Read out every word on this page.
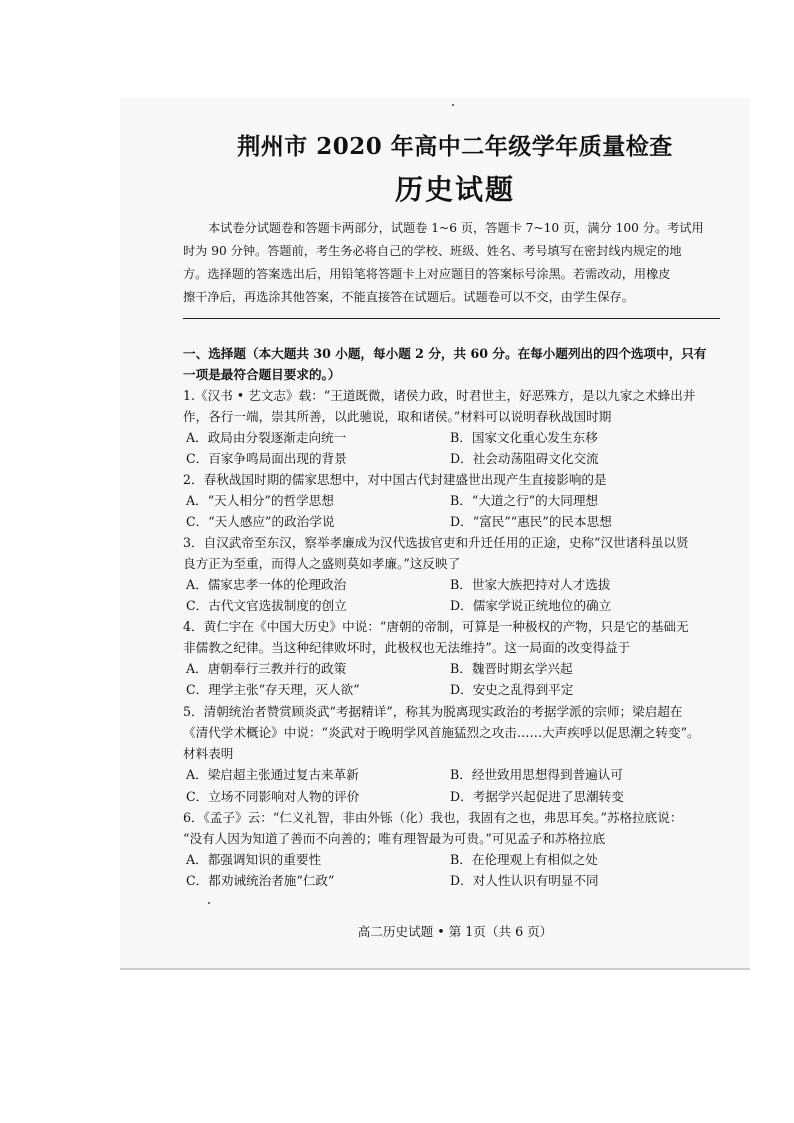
荆州市 2020 年高中二年级学年质量检查
历史试题
本试卷分试题卷和答题卡两部分，试题卷 1~6 页，答题卡 7~10 页，满分 100 分。考试用
时为 90 分钟。答题前，考生务必将自己的学校、班级、姓名、考号填写在密封线内规定的地
方。选择题的答案选出后，用铅笔将答题卡上对应题目的答案标号涂黑。若需改动，用橡皮
擦干净后，再选涂其他答案，不能直接答在试题后。试题卷可以不交，由学生保存。
一、选择题（本大题共 30 小题，每小题 2 分，共 60 分。在每小题列出的四个选项中，只有
一项是最符合题目要求的。）
1.《汉书 • 艺文志》载：“王道既微，诸侯力政，时君世主，好恶殊方，是以九家之术蜂出并
作，各行一端，崇其所善，以此驰说，取和诸侯。”材料可以说明春秋战国时期
A．政局由分裂逐渐走向统一	B．国家文化重心发生东移
C．百家争鸣局面出现的背景	D．社会动荡阻碍文化交流
2．春秋战国时期的儒家思想中，对中国古代封建盛世出现产生直接影响的是
A．“天人相分”的哲学思想	B．“大道之行”的大同理想
C．“天人感应”的政治学说	D．“富民”“惠民”的民本思想
3．自汉武帝至东汉，察举孝廉成为汉代选拔官吏和升迁任用的正途，史称“汉世诸科虽以贤
良方正为至重，而得人之盛则莫如孝廉。”这反映了
A．儒家忠孝一体的伦理政治	B．世家大族把持对人才选拔
C．古代文官选拔制度的创立	D．儒家学说正统地位的确立
4．黄仁宇在《中国大历史》中说：“唐朝的帝制，可算是一种极权的产物，只是它的基础无
非儒教之纪律。当这种纪律败坏时，此极权也无法维持”。这一局面的改变得益于
A．唐朝奉行三教并行的政策	B．魏晋时期玄学兴起
C．理学主张“存天理，灭人欲”	D．安史之乱得到平定
5．清朝统治者赞赏顾炎武“考据精详”，称其为脱离现实政治的考据学派的宗师；梁启超在
《清代学术概论》中说：“炎武对于晚明学风首施猛烈之攻击……大声疾呼以促思潮之转变”。
材料表明
A．梁启超主张通过复古来革新	B．经世致用思想得到普遍认可
C．立场不同影响对人物的评价	D．考据学兴起促进了思潮转变
6．《孟子》云：“仁义礼智，非由外铄（化）我也，我固有之也，弗思耳矣。”苏格拉底说：
“没有人因为知道了善而不向善的；唯有理智最为可贵。”可见孟子和苏格拉底
A．都强调知识的重要性	B．在伦理观上有相似之处
C．都劝诫统治者施“仁政”	D．对人性认识有明显不同
高二历史试题 • 第 1页（共 6 页）
